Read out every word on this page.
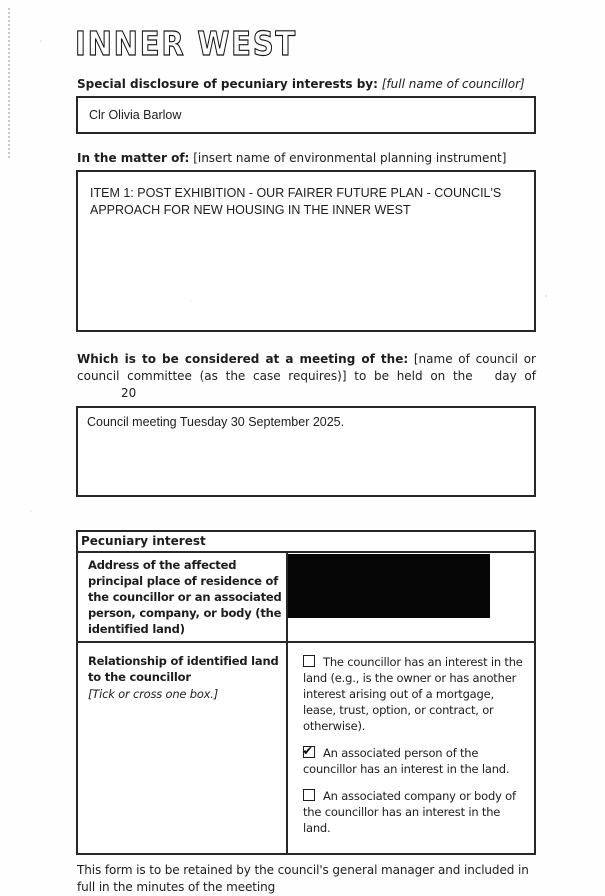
INNER WEST

Special disclosure of pecuniary interests by: [full name of councillor]

Clr Olivia Barlow

In the matter of: [insert name of environmental planning instrument]

ITEM 1: POST EXHIBITION - OUR FAIRER FUTURE PLAN - COUNCIL'S APPROACH FOR NEW HOUSING IN THE INNER WEST

Which is to be considered at a meeting of the: [name of council or council committee (as the case requires)] to be held on the day of20

Council meeting Tuesday 30 September 2025.
Pecuniary interest
Address of the affected principal place of residence of the councillor or an associated person, company, or body (the identified land)
Relationship of identified land to the councillor
[Tick or cross one box.]

The councillor has an interest in the land (e.g., is the owner or has another interest arising out of a mortgage, lease, trust, option, or contract, or otherwise).

✔An associated person of the councillor has an interest in the land.

An associated company or body of the councillor has an interest in the land.

This form is to be retained by the council's general manager and included in full in the minutes of the meeting
